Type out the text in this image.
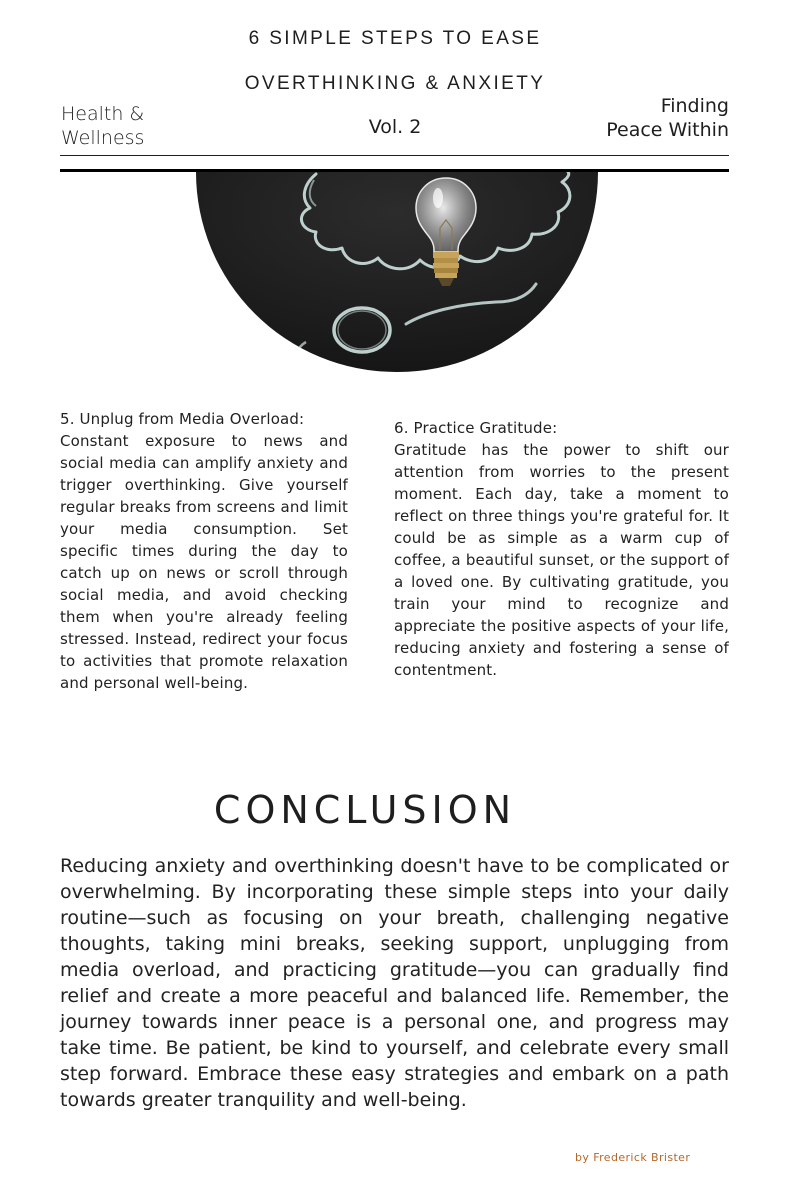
6 SIMPLE STEPS TO EASE
OVERTHINKING & ANXIETY
Health &
Wellness	Vol. 2
Finding
Peace Within
5. Unplug from Media Overload:
Constant exposure to news and social media can amplify anxiety and trigger overthinking. Give yourself regular breaks from screens and limit your media consumption. Set specific times during the day to catch up on news or scroll through social media, and avoid checking them when you're already feeling stressed. Instead, redirect your focus to activities that promote relaxation and personal well-being.
6. Practice Gratitude:
Gratitude has the power to shift our attention from worries to the present moment. Each day, take a moment to reflect on three things you're grateful for. It could be as simple as a warm cup of coffee, a beautiful sunset, or the support of a loved one. By cultivating gratitude, you train your mind to recognize and appreciate the positive aspects of your life, reducing anxiety and fostering a sense of contentment.
CONCLUSION
Reducing anxiety and overthinking doesn't have to be complicated or overwhelming. By incorporating these simple steps into your daily routine—such as focusing on your breath, challenging negative thoughts, taking mini breaks, seeking support, unplugging from media overload, and practicing gratitude—you can gradually find relief and create a more peaceful and balanced life. Remember, the journey towards inner peace is a personal one, and progress may take time. Be patient, be kind to yourself, and celebrate every small step forward. Embrace these easy strategies and embark on a path towards greater tranquility and well-being.
by Frederick Brister
